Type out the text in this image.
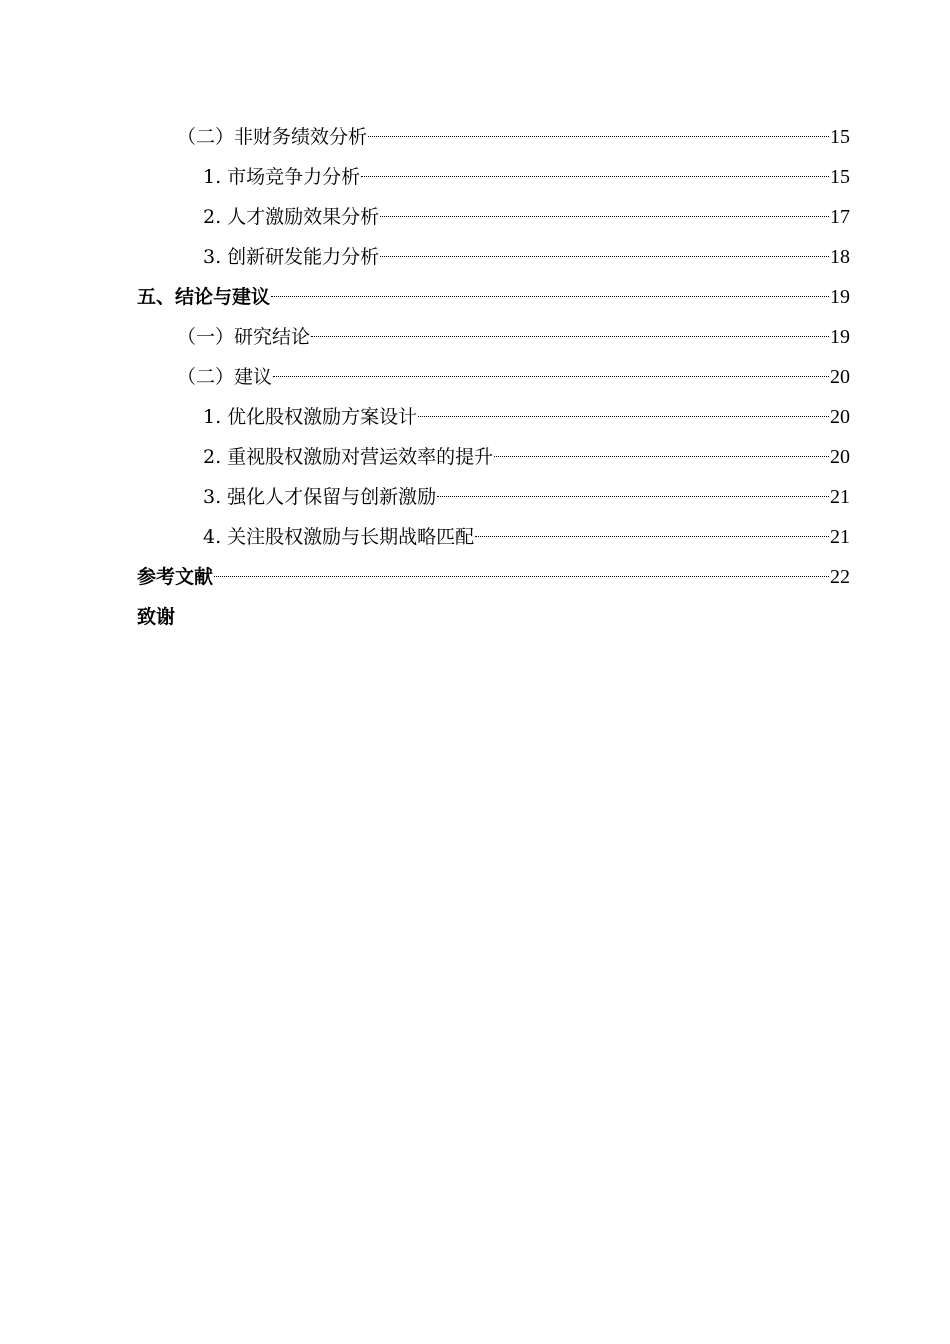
（二）非财务绩效分析	15
1. 市场竞争力分析	15
2. 人才激励效果分析	17
3. 创新研发能力分析	18
五、结论与建议	19
（一）研究结论	19
（二）建议	20
1. 优化股权激励方案设计	20
2. 重视股权激励对营运效率的提升	20
3. 强化人才保留与创新激励	21
4. 关注股权激励与长期战略匹配	21
参考文献	22
致谢
